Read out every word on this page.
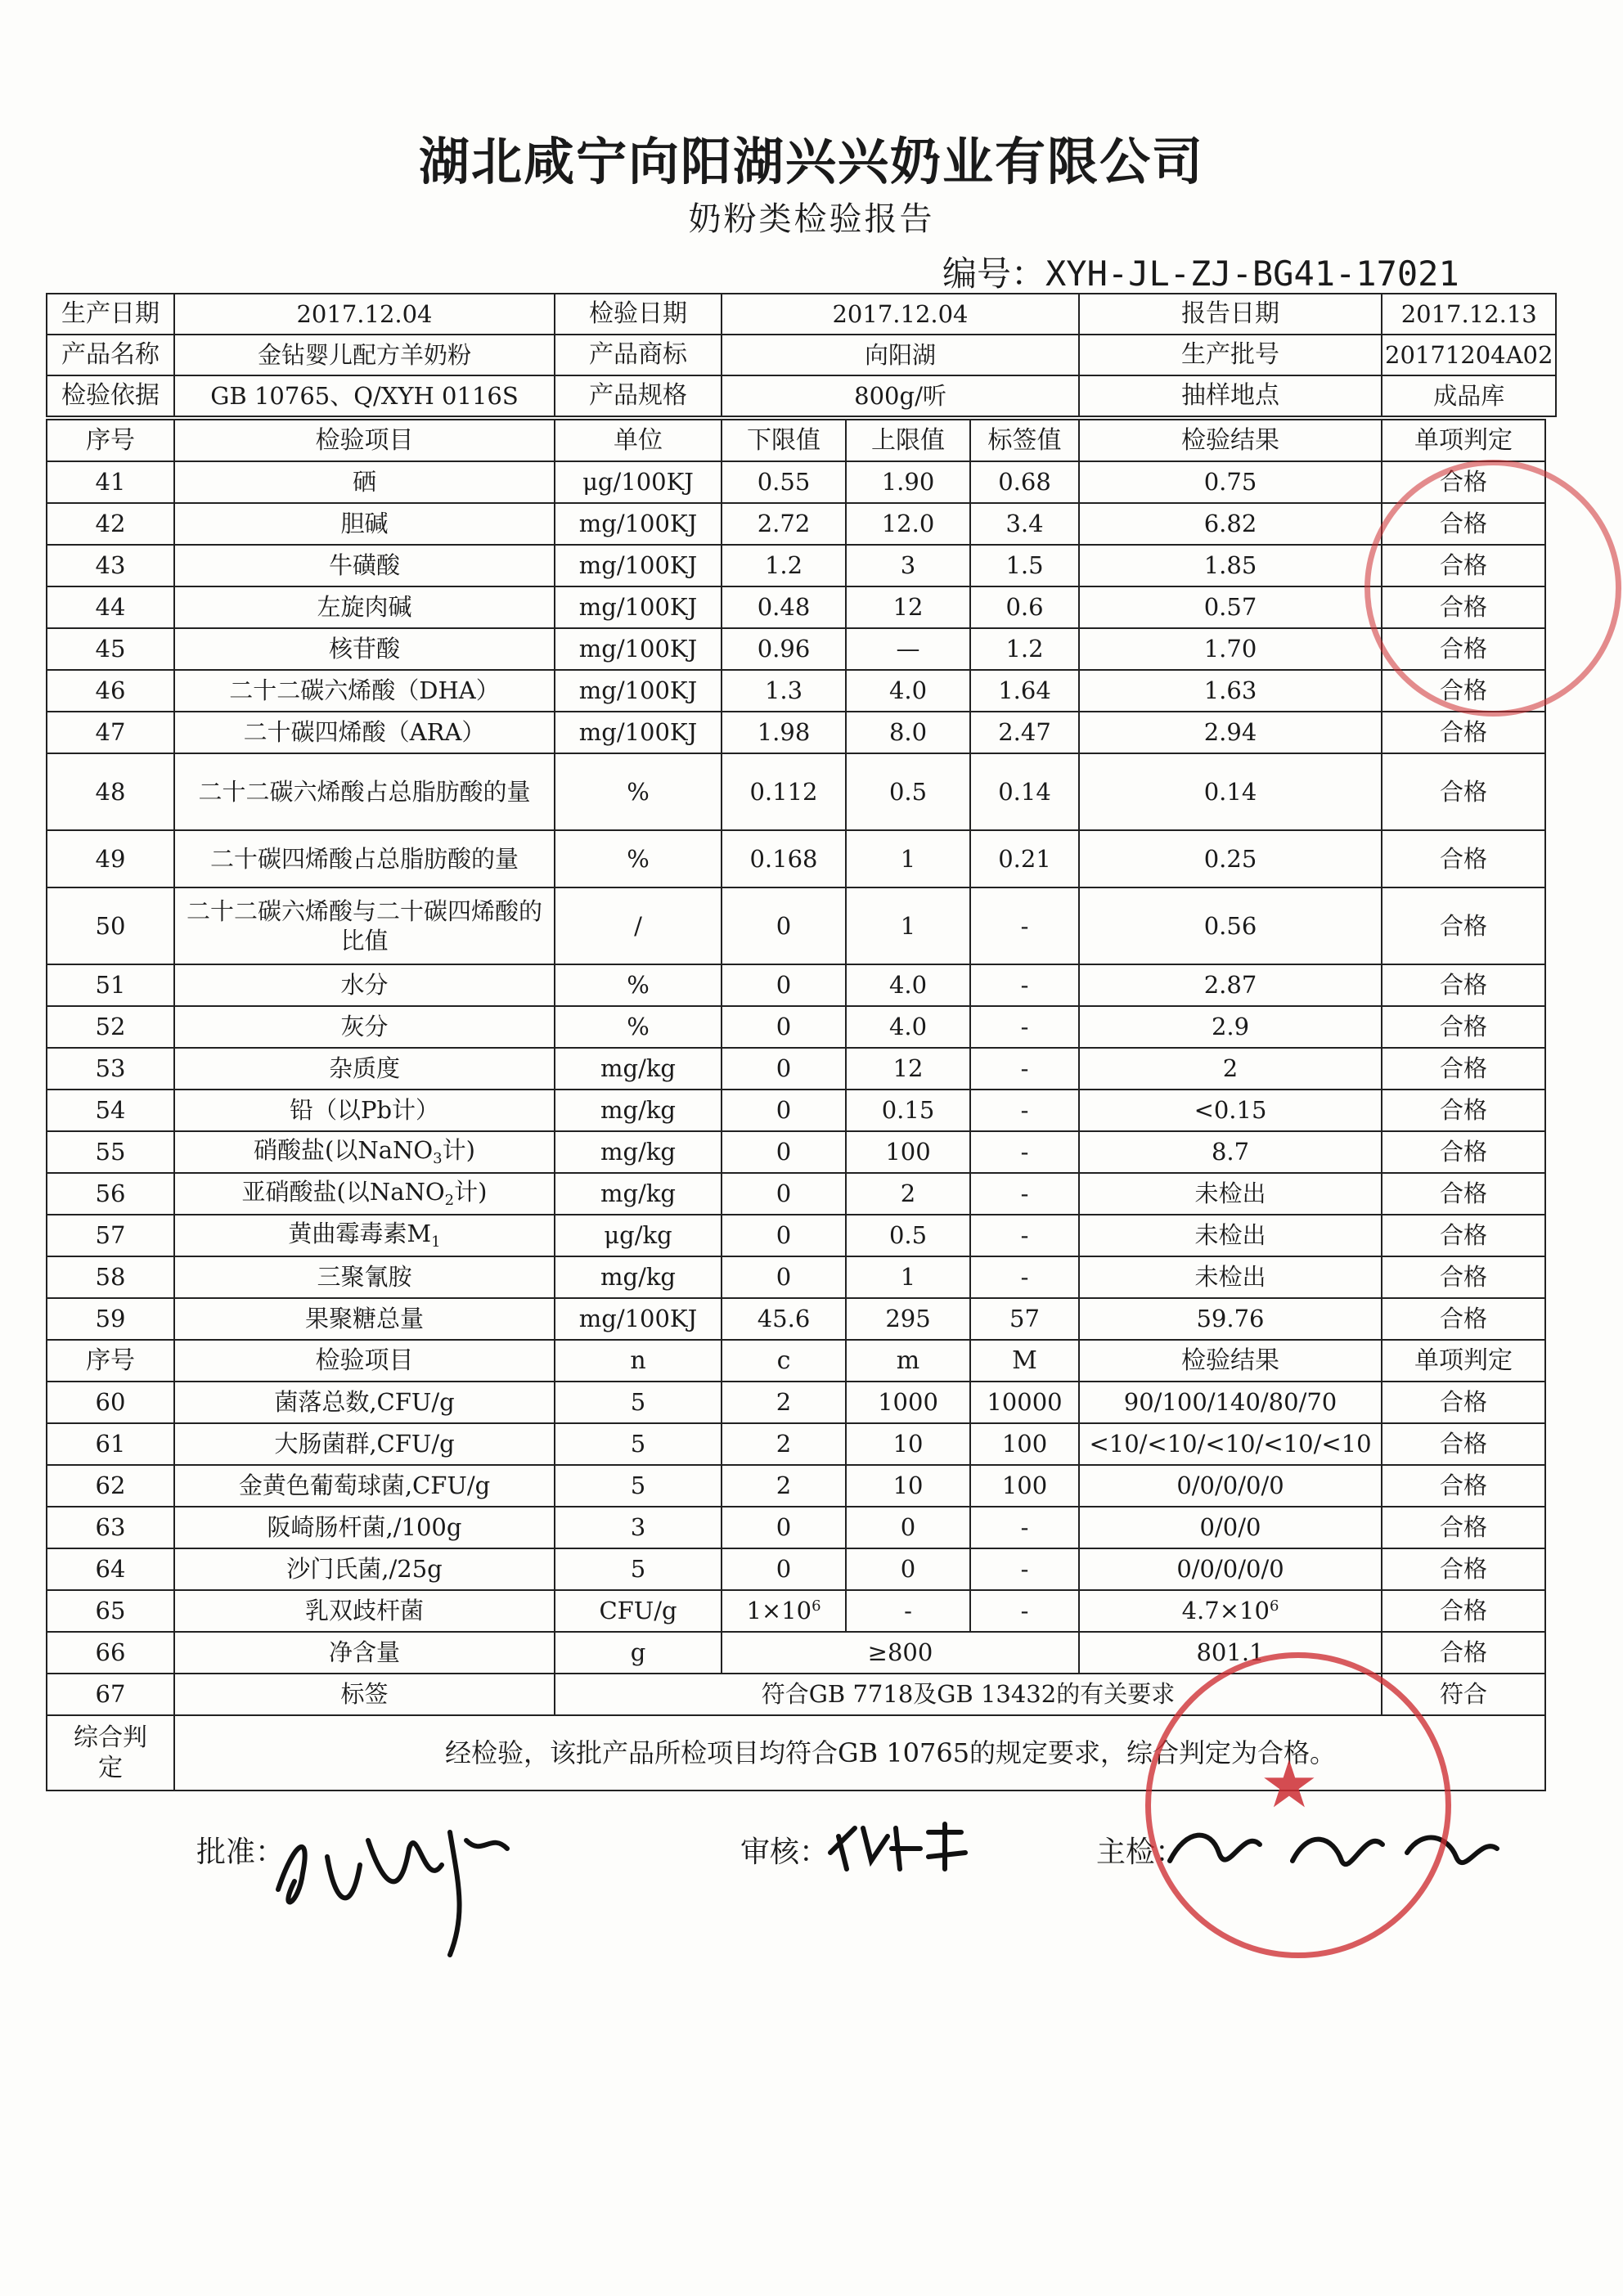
湖北咸宁向阳湖兴兴奶业有限公司
奶粉类检验报告
编号：XYH-JL-ZJ-BG41-17021
生产日期	2017.12.04	检验日期	2017.12.04	报告日期	2017.12.13
产品名称	金钻婴儿配方羊奶粉	产品商标	向阳湖	生产批号	20171204A02
检验依据	GB 10765、Q/XYH 0116S	产品规格	800g/听	抽样地点	成品库
序号	检验项目	单位	下限值	上限值	标签值	检验结果	单项判定
41	硒	μg/100KJ	0.55	1.90	0.68	0.75	合格
42	胆碱	mg/100KJ	2.72	12.0	3.4	6.82	合格
43	牛磺酸	mg/100KJ	1.2	3	1.5	1.85	合格
44	左旋肉碱	mg/100KJ	0.48	12	0.6	0.57	合格
45	核苷酸	mg/100KJ	0.96	—	1.2	1.70	合格
46	二十二碳六烯酸（DHA）	mg/100KJ	1.3	4.0	1.64	1.63	合格
47	二十碳四烯酸（ARA）	mg/100KJ	1.98	8.0	2.47	2.94	合格
48	二十二碳六烯酸占总脂肪酸的量	%	0.112	0.5	0.14	0.14	合格
49	二十碳四烯酸占总脂肪酸的量	%	0.168	1	0.21	0.25	合格
50	二十二碳六烯酸与二十碳四烯酸的比值	/	0	1	-	0.56	合格
51	水分	%	0	4.0	-	2.87	合格
52	灰分	%	0	4.0	-	2.9	合格
53	杂质度	mg/kg	0	12	-	2	合格
54	铅（以Pb计）	mg/kg	0	0.15	-	<0.15	合格
55	硝酸盐(以NaNO$_3$计)	mg/kg	0	100	-	8.7	合格
56	亚硝酸盐(以NaNO$_2$计)	mg/kg	0	2	-	未检出	合格
57	黄曲霉毒素$M_1$	μg/kg	0	0.5	-	未检出	合格
58	三聚氰胺	mg/kg	0	1	-	未检出	合格
59	果聚糖总量	mg/100KJ	45.6	295	57	59.76	合格
序号	检验项目	n	c	m	M	检验结果	单项判定
60	菌落总数,CFU/g	5	2	1000	10000	90/100/140/80/70	合格
61	大肠菌群,CFU/g	5	2	10	100	<10/<10/<10/<10/<10	合格
62	金黄色葡萄球菌,CFU/g	5	2	10	100	0/0/0/0/0	合格
63	阪崎肠杆菌,/100g	3	0	0	-	0/0/0	合格
64	沙门氏菌,/25g	5	0	0	-	0/0/0/0/0	合格
65	乳双歧杆菌	CFU/g	$1\times 10^6$	-	-	$4.7\times 10^6$	合格
66	净含量	g	≥800			801.1	合格
67	标签	符合GB 7718及GB 13432的有关要求					符合
综合判定	经检验，该批产品所检项目均符合GB 10765的规定要求，综合判定为合格。						
批准：	审核：	主检：
★
